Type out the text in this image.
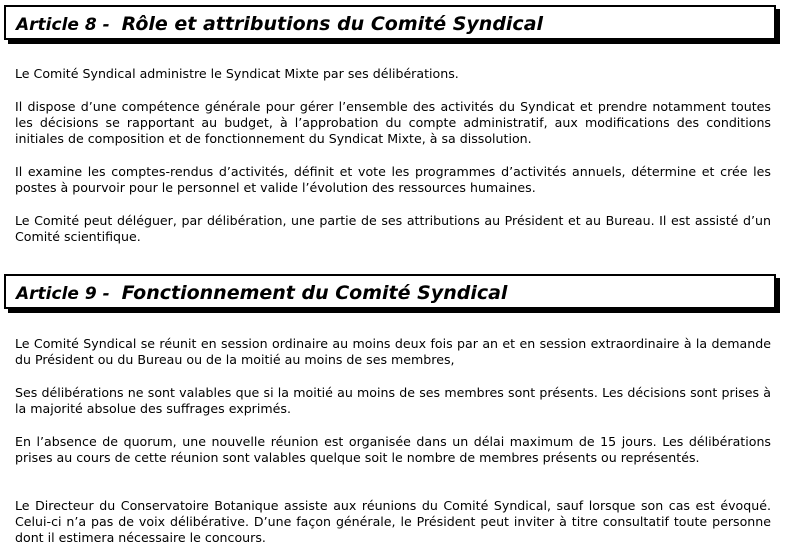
Article 8 - Rôle et attributions du Comité Syndical

Le Comité Syndical administre le Syndicat Mixte par ses délibérations.

Il dispose d’une compétence générale pour gérer l’ensemble des activités du Syndicat et prendre notamment toutes les décisions se rapportant au budget, à l’approbation du compte administratif, aux modifications des conditions initiales de composition et de fonctionnement du Syndicat Mixte, à sa dissolution.

Il examine les comptes-rendus d’activités, définit et vote les programmes d’activités annuels, détermine et crée les postes à pourvoir pour le personnel et valide l’évolution des ressources humaines.

Le Comité peut déléguer, par délibération, une partie de ses attributions au Président et au Bureau. Il est assisté d’un Comité scientifique.

Article 9 - Fonctionnement du Comité Syndical

Le Comité Syndical se réunit en session ordinaire au moins deux fois par an et en session extraordinaire à la demande du Président ou du Bureau ou de la moitié au moins de ses membres,

Ses délibérations ne sont valables que si la moitié au moins de ses membres sont présents. Les décisions sont prises à la majorité absolue des suffrages exprimés.

En l’absence de quorum, une nouvelle réunion est organisée dans un délai maximum de 15 jours. Les délibérations prises au cours de cette réunion sont valables quelque soit le nombre de membres présents ou représentés.

Le Directeur du Conservatoire Botanique assiste aux réunions du Comité Syndical, sauf lorsque son cas est évoqué. Celui-ci n’a pas de voix délibérative. D’une façon générale, le Président peut inviter à titre consultatif toute personne dont il estimera nécessaire le concours.
